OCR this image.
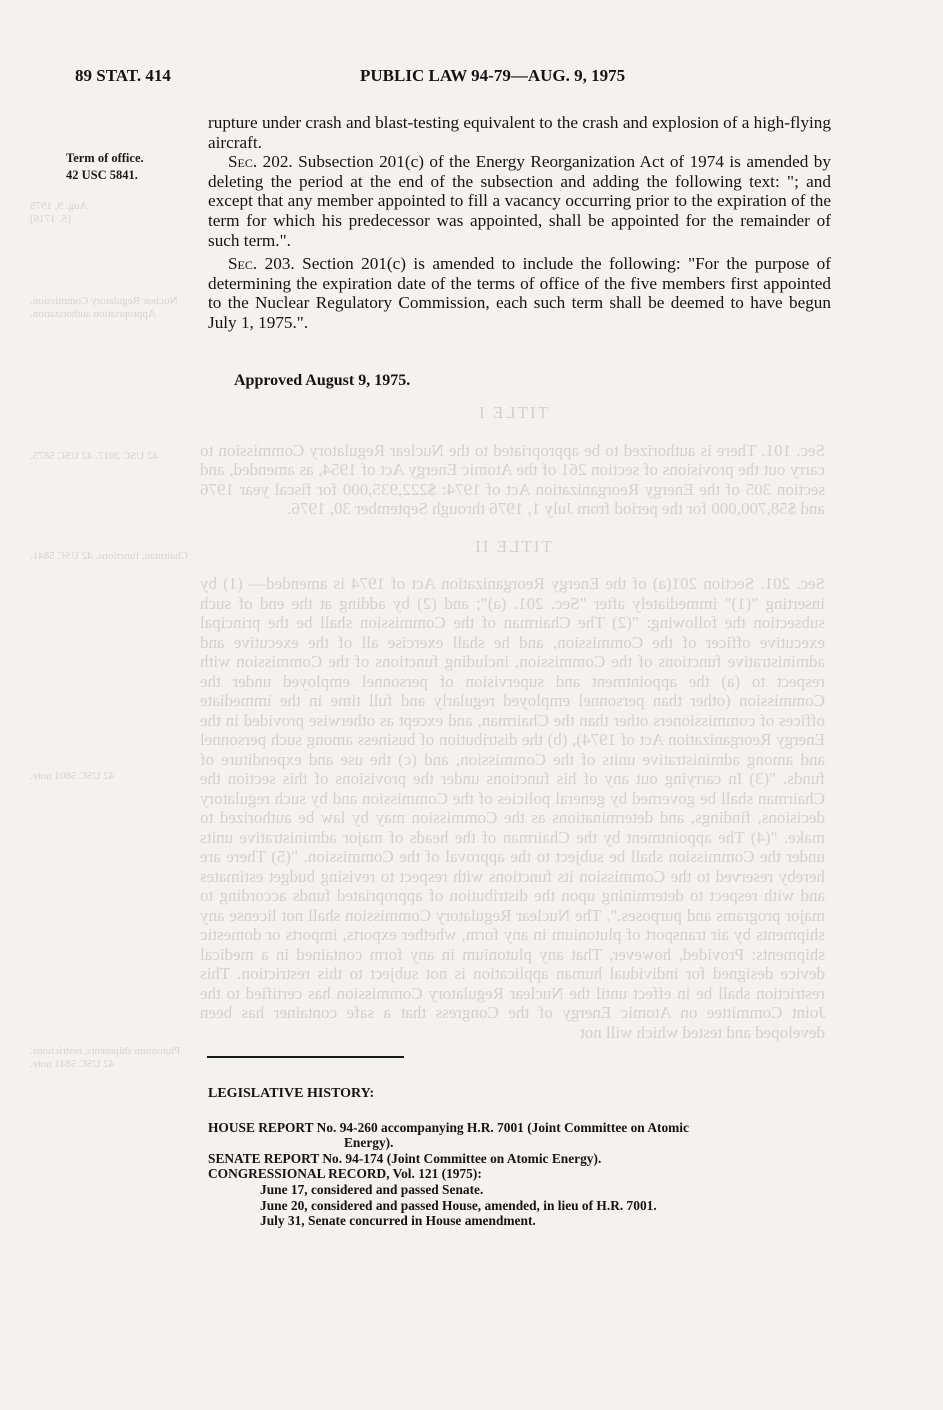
TITLE I
Sec. 101. There is authorized to be appropriated to the Nuclear Regulatory Commission to carry out the provisions of section 261 of the Atomic Energy Act of 1954, as amended, and section 305 of the Energy Reorganization Act of 1974: $222,935,000 for fiscal year 1976 and $58,700,000 for the period from July 1, 1976 through September 30, 1976.
TITLE II
Sec. 201. Section 201(a) of the Energy Reorganization Act of 1974 is amended— (1) by inserting "(1)" immediately after "Sec. 201. (a)"; and (2) by adding at the end of such subsection the following: "(2) The Chairman of the Commission shall be the principal executive officer of the Commission, and he shall exercise all of the executive and administrative functions of the Commission, including functions of the Commission with respect to (a) the appointment and supervision of personnel employed under the Commission (other than personnel employed regularly and full time in the immediate offices of commissioners other than the Chairman, and except as otherwise provided in the Energy Reorganization Act of 1974), (b) the distribution of business among such personnel and among administrative units of the Commission, and (c) the use and expenditure of funds. "(3) In carrying out any of his functions under the provisions of this section the Chairman shall be governed by general policies of the Commission and by such regulatory decisions, findings, and determinations as the Commission may by law be authorized to make. "(4) The appointment by the Chairman of the heads of major administrative units under the Commission shall be subject to the approval of the Commission. "(5) There are hereby reserved to the Commission its functions with respect to revising budget estimates and with respect to determining upon the distribution of appropriated funds according to major programs and purposes.". The Nuclear Regulatory Commission shall not license any shipments by air transport of plutonium in any form, whether exports, imports or domestic shipments: Provided, however, That any plutonium in any form contained in a medical device designed for individual human application is not subject to this restriction. This restriction shall be in effect until the Nuclear Regulatory Commission has certified to the Joint Committee on Atomic Energy of the Congress that a safe container has been developed and tested which will not
Aug. 9, 1975
[S. 1716]
Nuclear Regulatory Commission. Appropriation authorization.
42 USC 2017. 42 USC 5875.
Chairman, functions. 42 USC 5841.
42 USC 5801 note.
Plutonium shipments, restrictions. 42 USC 5841 note.
89 STAT. 414	PUBLIC LAW 94-79—AUG. 9, 1975
Term of office.
42 USC 5841.

rupture under crash and blast-testing equivalent to the crash and explosion of a high-flying aircraft.

Sec. 202. Subsection 201(c) of the Energy Reorganization Act of 1974 is amended by deleting the period at the end of the subsection and adding the following text: "; and except that any member appointed to fill a vacancy occurring prior to the expiration of the term for which his predecessor was appointed, shall be appointed for the remainder of such term.".

Sec. 203. Section 201(c) is amended to include the following: "For the purpose of determining the expiration date of the terms of office of the five members first appointed to the Nuclear Regulatory Commission, each such term shall be deemed to have begun July 1, 1975.".

Approved August 9, 1975.
LEGISLATIVE HISTORY:
HOUSE REPORT No. 94-260 accompanying H.R. 7001 (Joint Committee on Atomic
Energy).
SENATE REPORT No. 94-174 (Joint Committee on Atomic Energy).
CONGRESSIONAL RECORD, Vol. 121 (1975):
June 17, considered and passed Senate.
June 20, considered and passed House, amended, in lieu of H.R. 7001.
July 31, Senate concurred in House amendment.
